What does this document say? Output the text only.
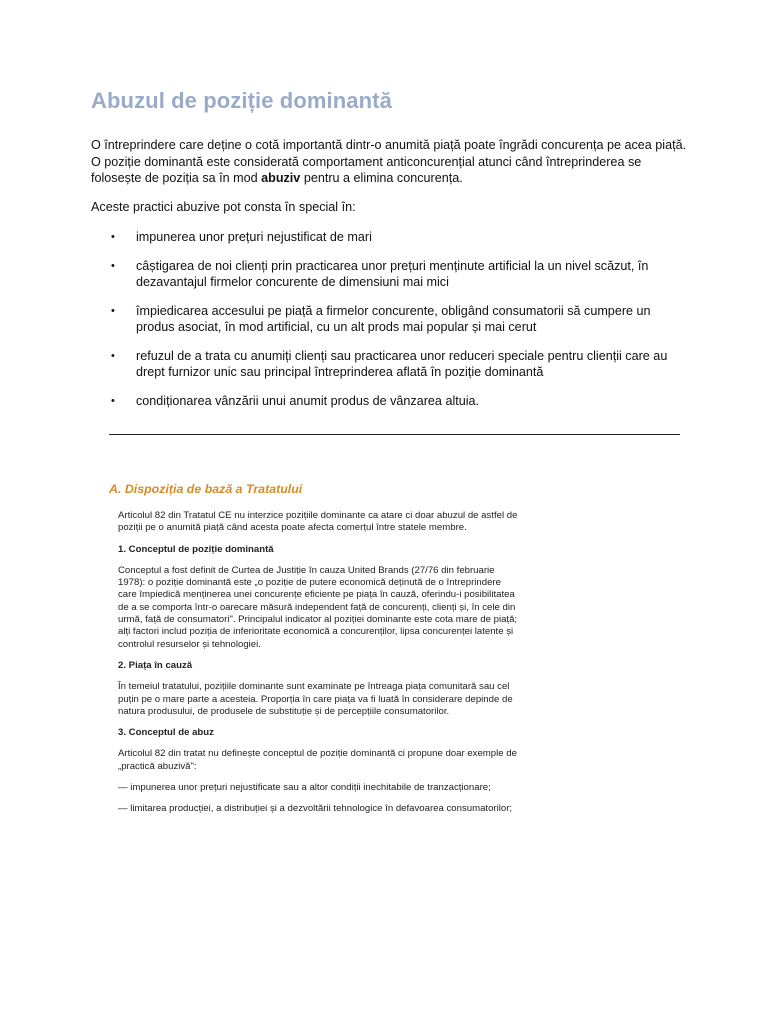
Abuzul de poziție dominantă

O întreprindere care deține o cotă importantă dintr-o anumită piață poate îngrădi concurența pe acea piață. O poziție dominantă este considerată comportament anticoncurențial atunci când întreprinderea se folosește de poziția sa în mod abuziv pentru a elimina concurența.

Aceste practici abuzive pot consta în special în:

• impunerea unor prețuri nejustificat de mari
• câștigarea de noi clienți prin practicarea unor prețuri menținute artificial la un nivel scăzut, în dezavantajul firmelor concurente de dimensiuni mai mici
• împiedicarea accesului pe piață a firmelor concurente, obligând consumatorii să cumpere un produs asociat, în mod artificial, cu un alt prods mai popular și mai cerut
• refuzul de a trata cu anumiți clienți sau practicarea unor reduceri speciale pentru clienții care au drept furnizor unic sau principal întreprinderea aflată în poziție dominantă
• condiționarea vânzării unui anumit produs de vânzarea altuia.
A. Dispoziția de bază a Tratatului

Articolul 82 din Tratatul CE nu interzice pozițiile dominante ca atare ci doar abuzul de astfel de poziții pe o anumită piață când acesta poate afecta comerțul între statele membre.

1. Conceptul de poziție dominantă

Conceptul a fost definit de Curtea de Justiție în cauza United Brands (27/76 din februarie 1978): o poziție dominantă este „o poziție de putere economică deținută de o întreprindere care împiedică menținerea unei concurențe eficiente pe piața în cauză, oferindu-i posibilitatea de a se comporta într-o oarecare măsură independent față de concurenți, clienți și, în cele din urmă, față de consumatori". Principalul indicator al poziției dominante este cota mare de piață; alți factori includ poziția de inferioritate economică a concurenților, lipsa concurenței latente și controlul resurselor și tehnologiei.

2. Piața în cauză

În temeiul tratatului, pozițiile dominante sunt examinate pe întreaga piața comunitară sau cel puțin pe o mare parte a acesteia. Proporția în care piața va fi luată în considerare depinde de natura produsului, de produsele de substituție și de percepțiile consumatorilor.

3. Conceptul de abuz

Articolul 82 din tratat nu definește conceptul de poziție dominantă ci propune doar exemple de „practică abuzivă":

— impunerea unor prețuri nejustificate sau a altor condiții inechitabile de tranzacționare;

— limitarea producției, a distribuției și a dezvoltării tehnologice în defavoarea consumatorilor;
